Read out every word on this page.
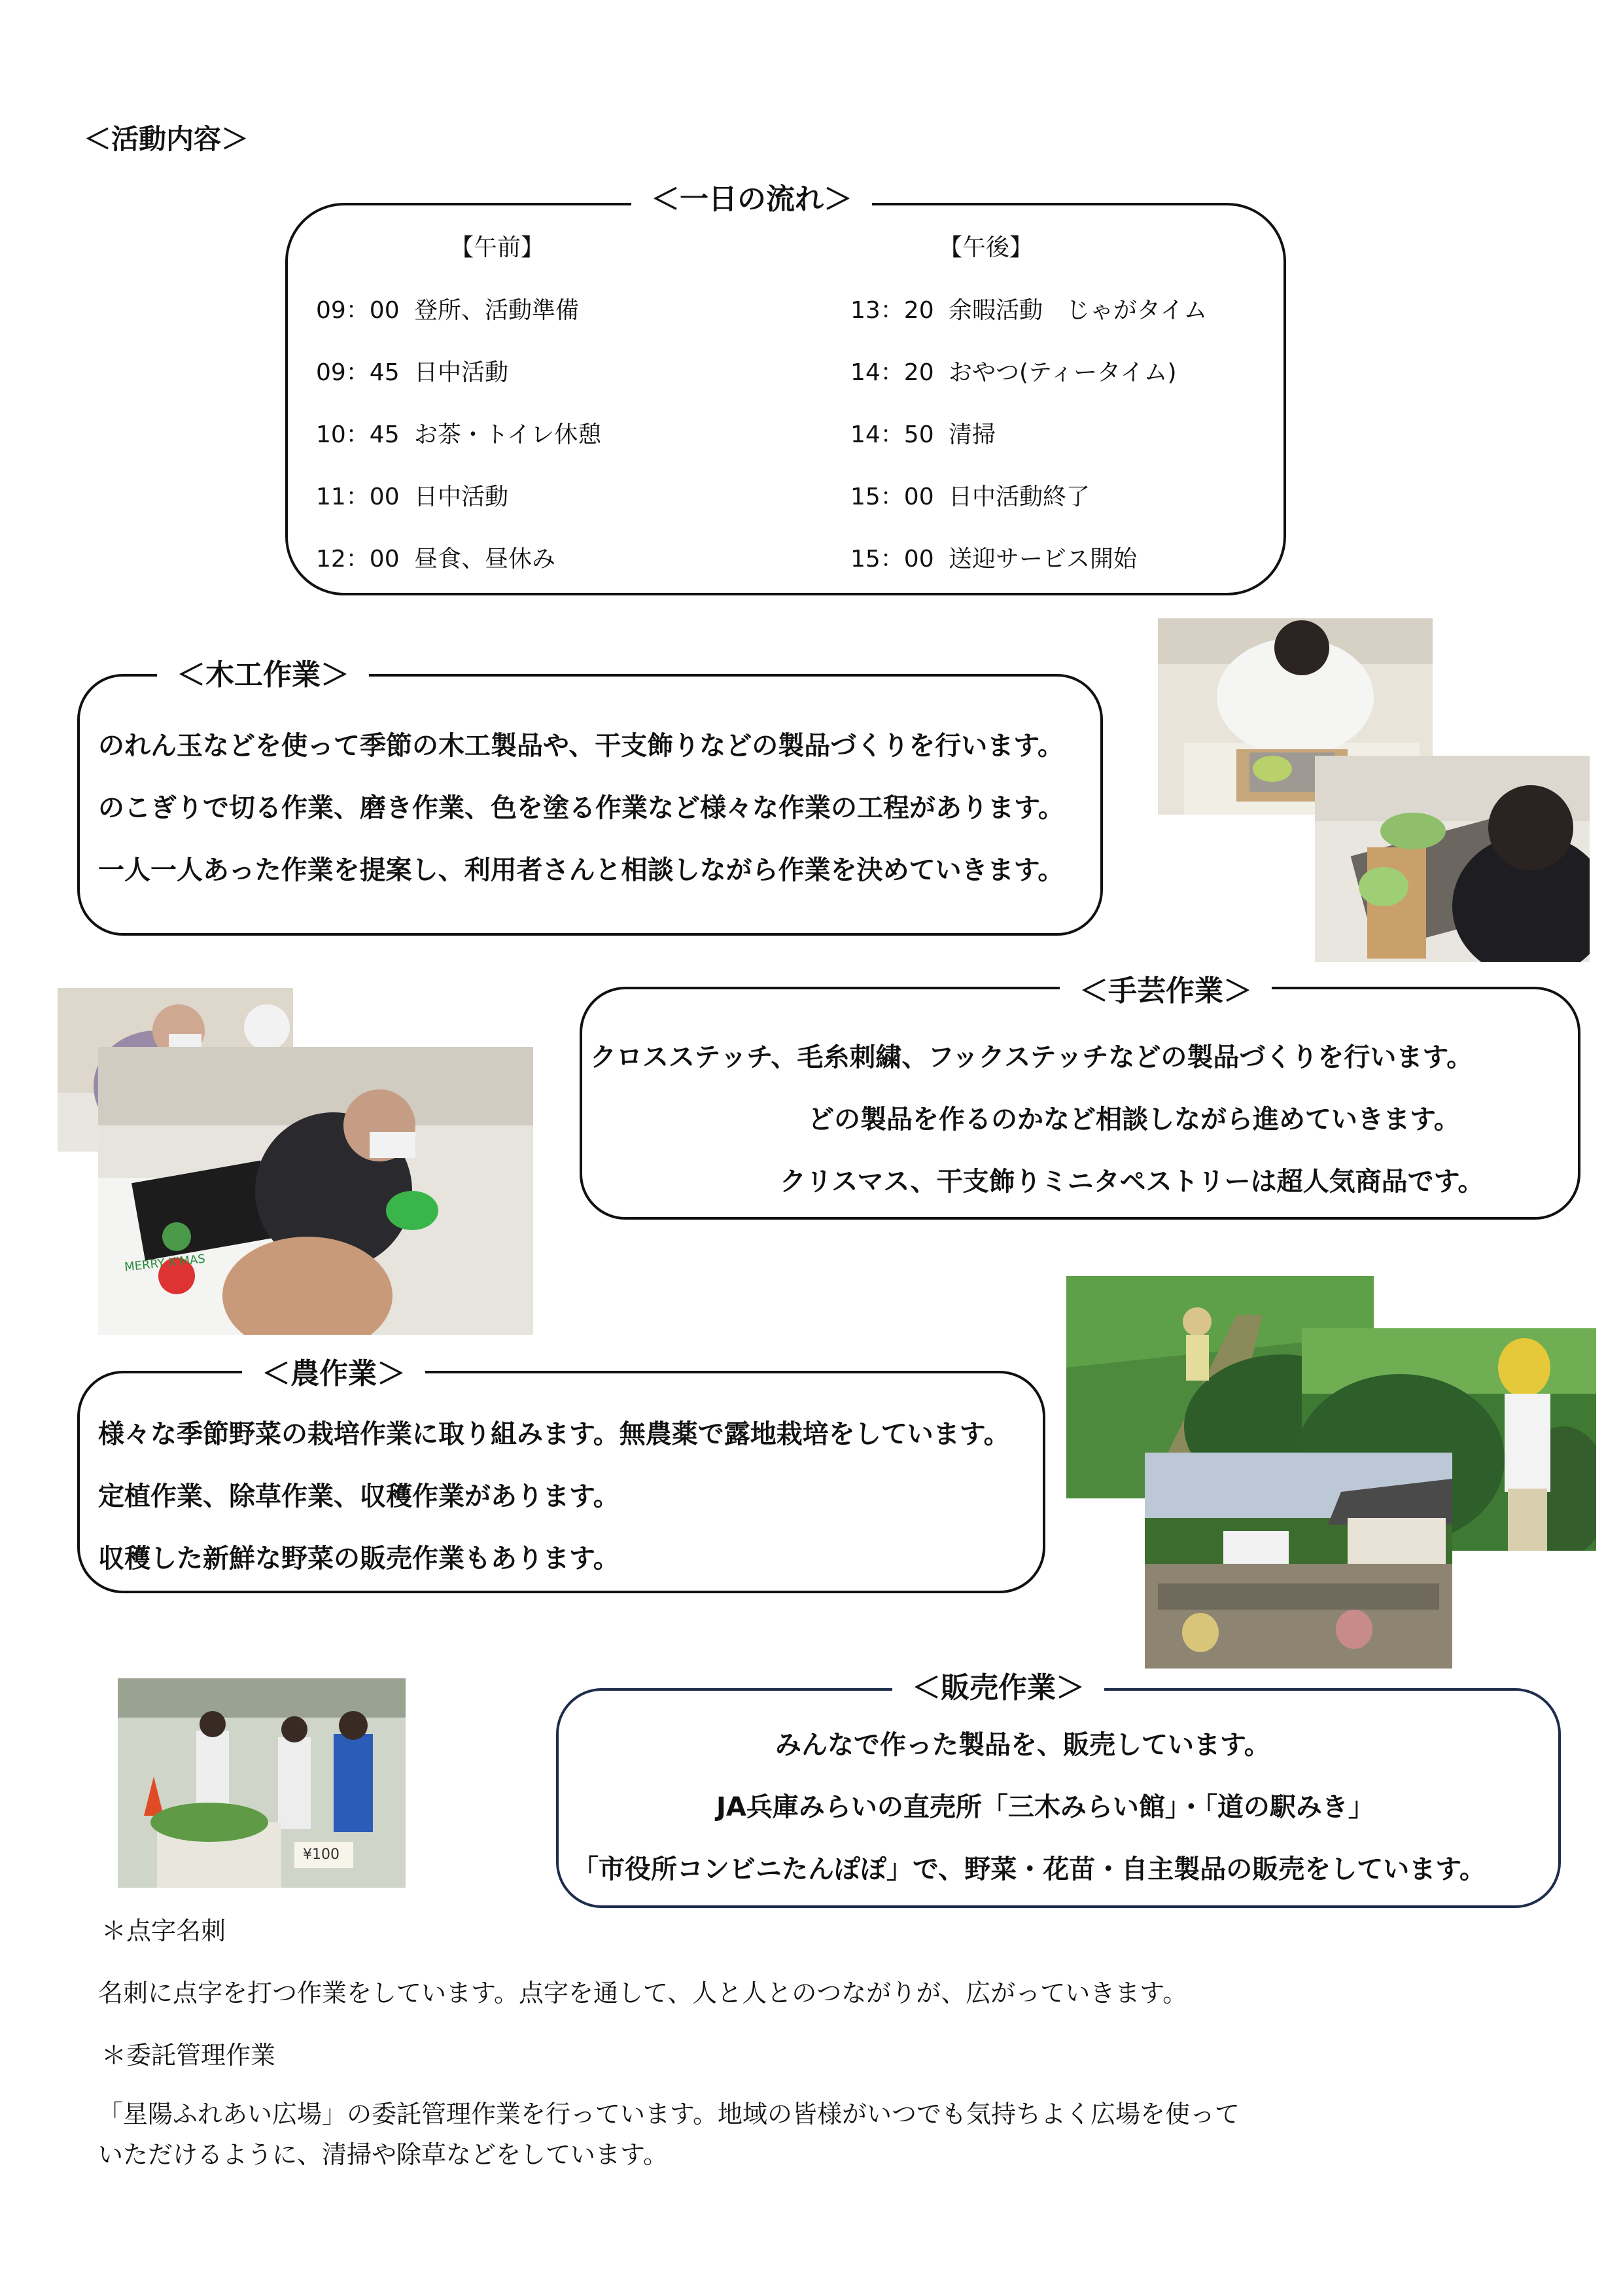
＜活動内容＞
＜一日の流れ＞
【午前】	【午後】
09：00 登所、活動準備
09：45 日中活動
10：45 お茶・トイレ休憩
11：00 日中活動
12：00 昼食、昼休み
13：20 余暇活動　じゃがタイム
14：20 おやつ(ティータイム)
14：50 清掃
15：00 日中活動終了
15：00 送迎サービス開始
＜木工作業＞
のれん玉などを使って季節の木工製品や、干支飾りなどの製品づくりを行います。
のこぎりで切る作業、磨き作業、色を塗る作業など様々な作業の工程があります。
一人一人あった作業を提案し、利用者さんと相談しながら作業を決めていきます。
＜手芸作業＞
クロスステッチ、毛糸刺繍、フックステッチなどの製品づくりを行います。
どの製品を作るのかなど相談しながら進めていきます。
クリスマス、干支飾りミニタペストリーは超人気商品です。
MERRY X'MAS
＜農作業＞
様々な季節野菜の栽培作業に取り組みます。無農薬で露地栽培をしています。
定植作業、除草作業、収穫作業があります。
収穫した新鮮な野菜の販売作業もあります。
＜販売作業＞
みんなで作った製品を、販売しています。
JA兵庫みらいの直売所「三木みらい館」・「道の駅みき」
「市役所コンビニたんぽぽ」で、野菜・花苗・自主製品の販売をしています。
¥100
＊点字名刺
名刺に点字を打つ作業をしています。点字を通して、人と人とのつながりが、広がっていきます。
＊委託管理作業
「星陽ふれあい広場」の委託管理作業を行っています。地域の皆様がいつでも気持ちよく広場を使って
いただけるように、清掃や除草などをしています。
